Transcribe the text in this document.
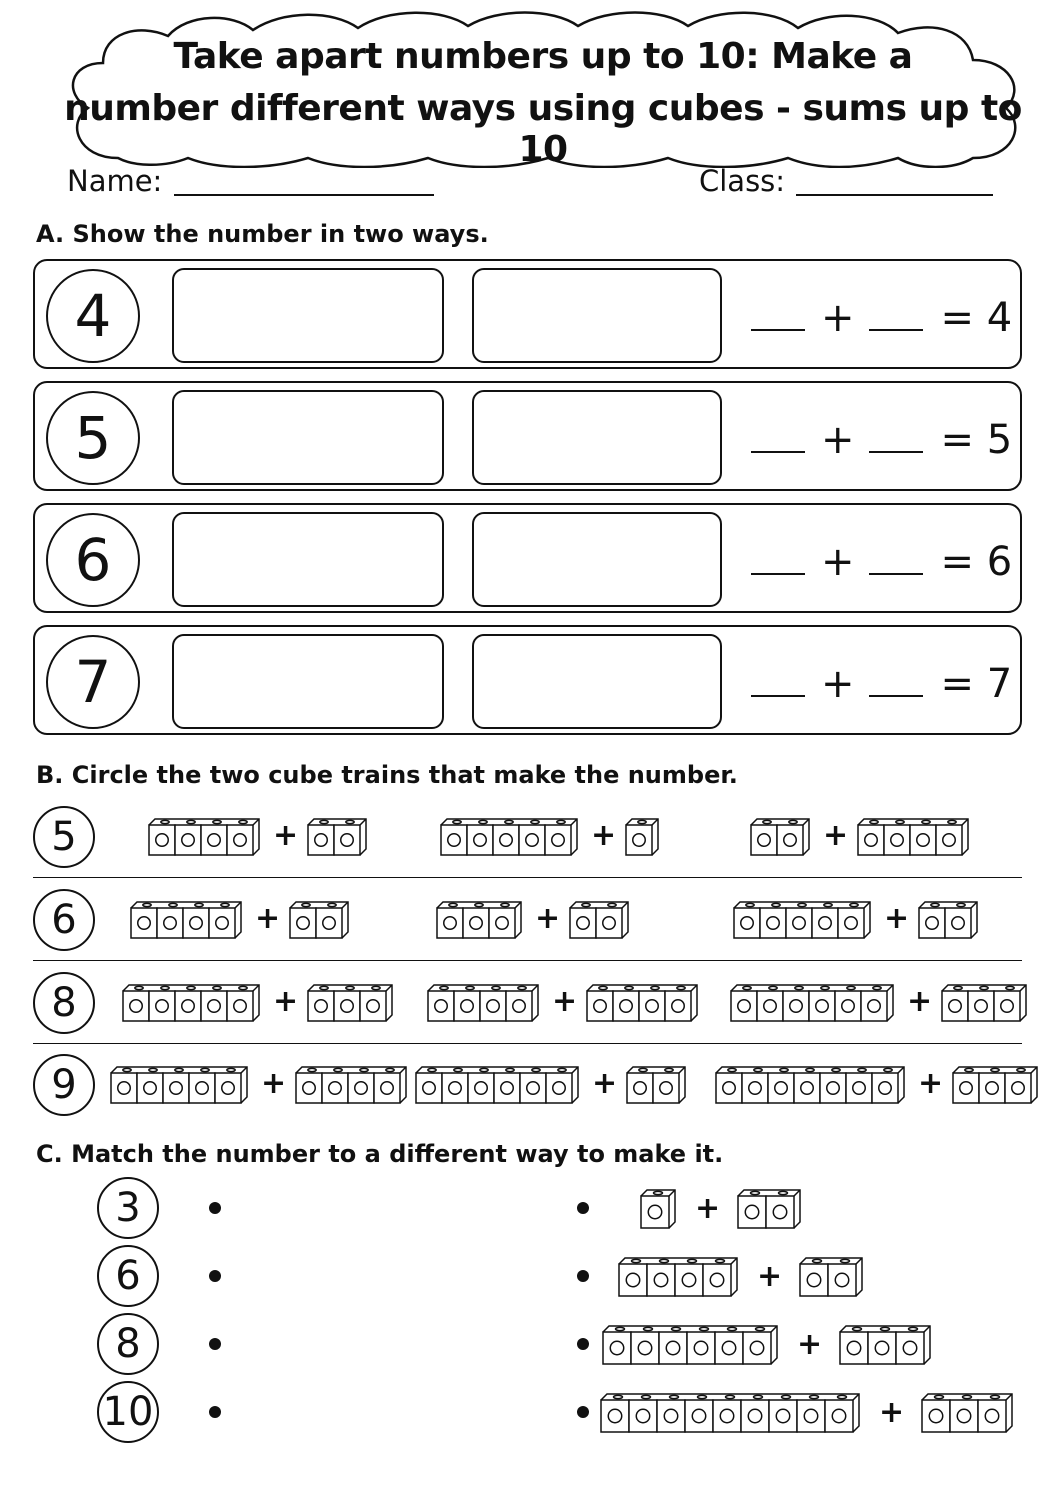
Take apart numbers up to 10: Make a
number different ways using cubes - sums up to 10
Name:	Class:
A. Show the number in two ways.
4	+ = 4
5	+ = 5
6	+ = 6
7	+ = 7
B. Circle the two cube trains that make the number.
5	+	+	+
6	+	+	+
8	+	+	+
9	+	+	+
C. Match the number to a different way to make it.
3	+
6	+
8	+
10	+
